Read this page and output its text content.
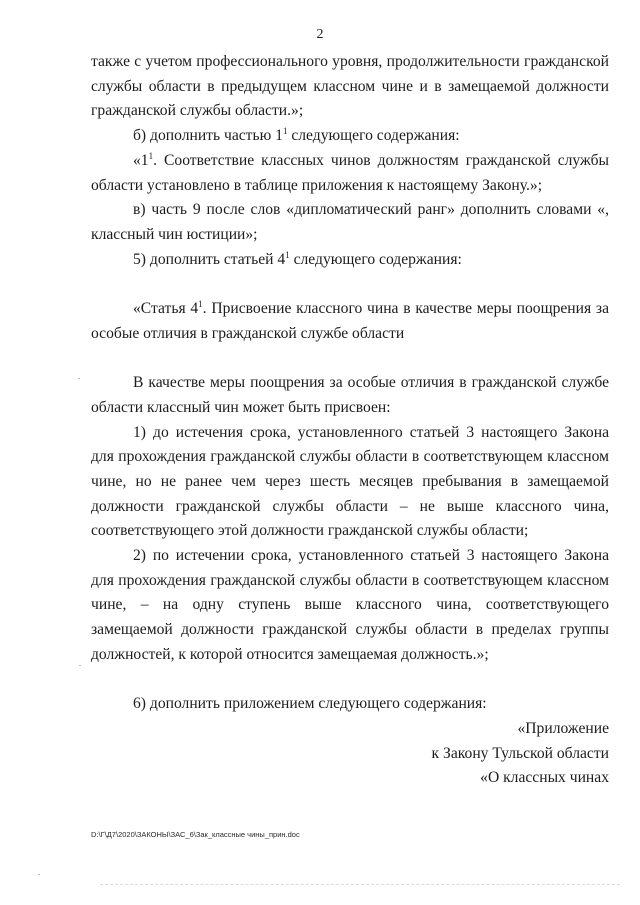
2

также с учетом профессионального уровня, продолжительности гражданской службы области в предыдущем классном чине и в замещаемой должности гражданской службы области.»;

б) дополнить частью $1^1$ следующего содержания:

«$1^1$. Соответствие классных чинов должностям гражданской службы области установлено в таблице приложения к настоящему Закону.»;

в) часть 9 после слов «дипломатический ранг» дополнить словами «, классный чин юстиции»;

5) дополнить статьей $4^1$ следующего содержания:

«Статья $4^1$. Присвоение классного чина в качестве меры поощрения за особые отличия в гражданской службе области

В качестве меры поощрения за особые отличия в гражданской службе области классный чин может быть присвоен:

1) до истечения срока, установленного статьей 3 настоящего Закона для прохождения гражданской службы области в соответствующем классном чине, но не ранее чем через шесть месяцев пребывания в замещаемой должности гражданской службы области – не выше классного чина, соответствующего этой должности гражданской службы области;

2) по истечении срока, установленного статьей 3 настоящего Закона для прохождения гражданской службы области в соответствующем классном чине, – на одну ступень выше классного чина, соответствующего замещаемой должности гражданской службы области в пределах группы должностей, к которой относится замещаемая должность.»;

6) дополнить приложением следующего содержания:

«Приложение

к Закону Тульской области

«О классных чинах

D:\Г\Д7\2020\ЗАКОНЫ\ЗАС_6\Зак_классные чины_прин.doc
